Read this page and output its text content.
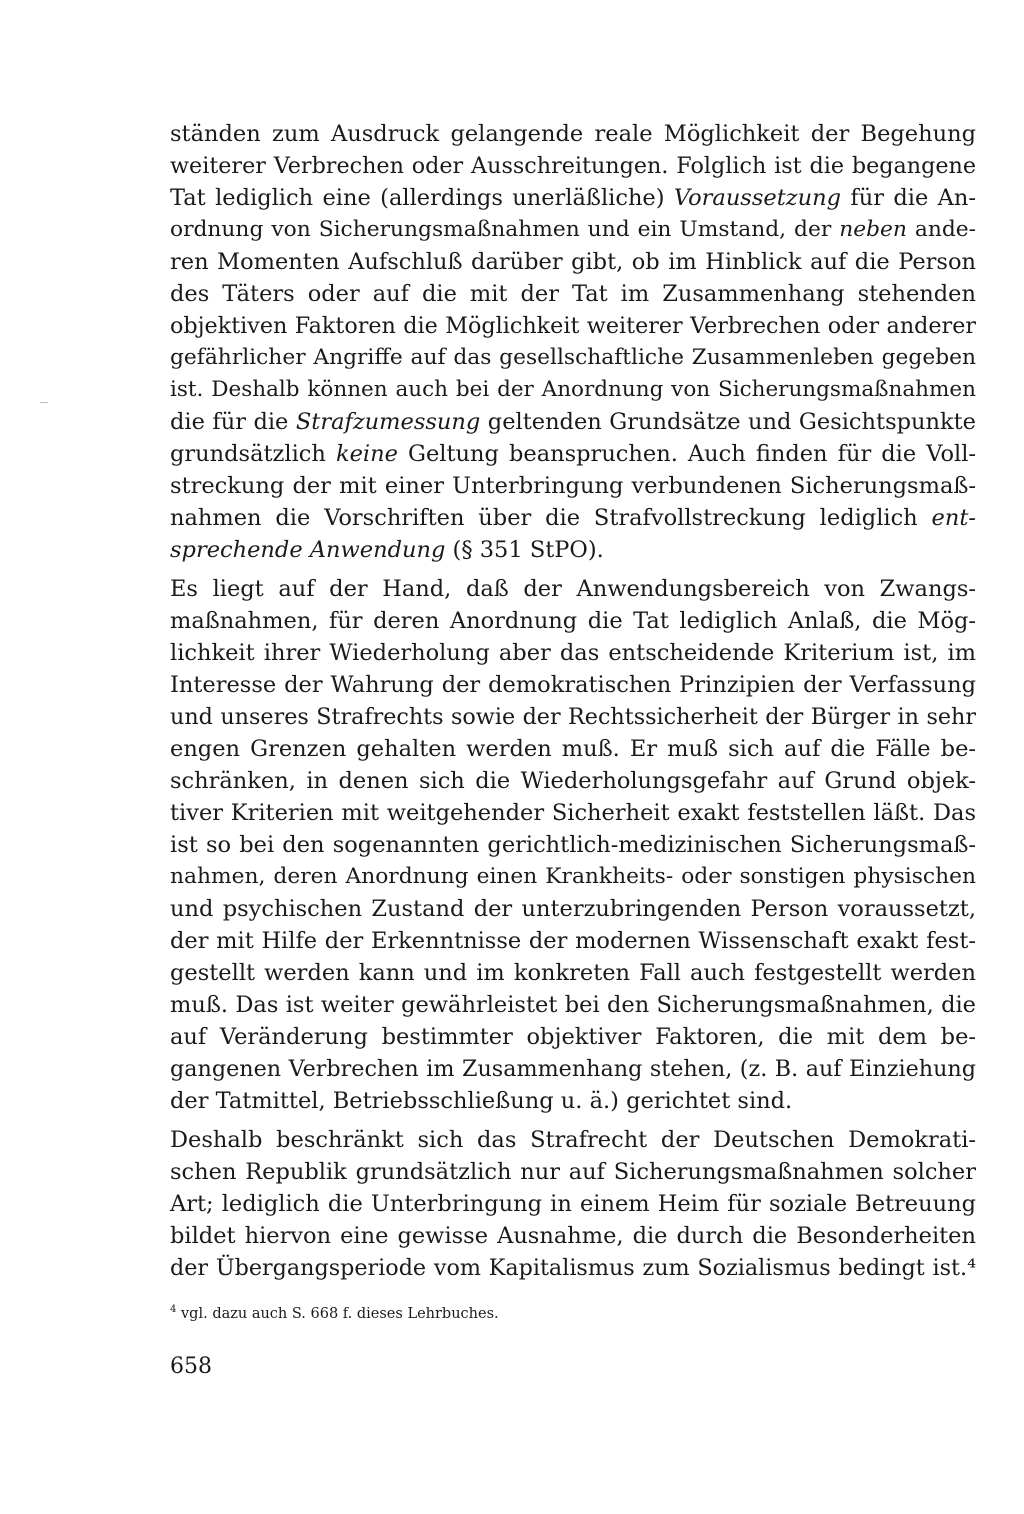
ständen zum Ausdruck gelangende reale Möglichkeit der Begehung
weiterer Verbrechen oder Ausschreitungen. Folglich ist die begangene
Tat lediglich eine (allerdings unerläßliche) Voraussetzung für die An-
ordnung von Sicherungsmaßnahmen und ein Umstand, der neben ande-
ren Momenten Aufschluß darüber gibt, ob im Hinblick auf die Person
des Täters oder auf die mit der Tat im Zusammenhang stehenden
objektiven Faktoren die Möglichkeit weiterer Verbrechen oder anderer
gefährlicher Angriffe auf das gesellschaftliche Zusammenleben gegeben
ist. Deshalb können auch bei der Anordnung von Sicherungsmaßnahmen
die für die Strafzumessung geltenden Grundsätze und Gesichtspunkte
grundsätzlich keine Geltung beanspruchen. Auch finden für die Voll-
streckung der mit einer Unterbringung verbundenen Sicherungsmaß-
nahmen die Vorschriften über die Strafvollstreckung lediglich ent-
sprechende Anwendung (§ 351 StPO).
Es liegt auf der Hand, daß der Anwendungsbereich von Zwangs-
maßnahmen, für deren Anordnung die Tat lediglich Anlaß, die Mög-
lichkeit ihrer Wiederholung aber das entscheidende Kriterium ist, im
Interesse der Wahrung der demokratischen Prinzipien der Verfassung
und unseres Strafrechts sowie der Rechtssicherheit der Bürger in sehr
engen Grenzen gehalten werden muß. Er muß sich auf die Fälle be-
schränken, in denen sich die Wiederholungsgefahr auf Grund objek-
tiver Kriterien mit weitgehender Sicherheit exakt feststellen läßt. Das
ist so bei den sogenannten gerichtlich-medizinischen Sicherungsmaß-
nahmen, deren Anordnung einen Krankheits- oder sonstigen physischen
und psychischen Zustand der unterzubringenden Person voraussetzt,
der mit Hilfe der Erkenntnisse der modernen Wissenschaft exakt fest-
gestellt werden kann und im konkreten Fall auch festgestellt werden
muß. Das ist weiter gewährleistet bei den Sicherungsmaßnahmen, die
auf Veränderung bestimmter objektiver Faktoren, die mit dem be-
gangenen Verbrechen im Zusammenhang stehen, (z. B. auf Einziehung
der Tatmittel, Betriebsschließung u. ä.) gerichtet sind.
Deshalb beschränkt sich das Strafrecht der Deutschen Demokrati-
schen Republik grundsätzlich nur auf Sicherungsmaßnahmen solcher
Art; lediglich die Unterbringung in einem Heim für soziale Betreuung
bildet hiervon eine gewisse Ausnahme, die durch die Besonderheiten
der Übergangsperiode vom Kapitalismus zum Sozialismus bedingt ist.⁴
$^4$ vgl. dazu auch S. 668 f. dieses Lehrbuches.
658
